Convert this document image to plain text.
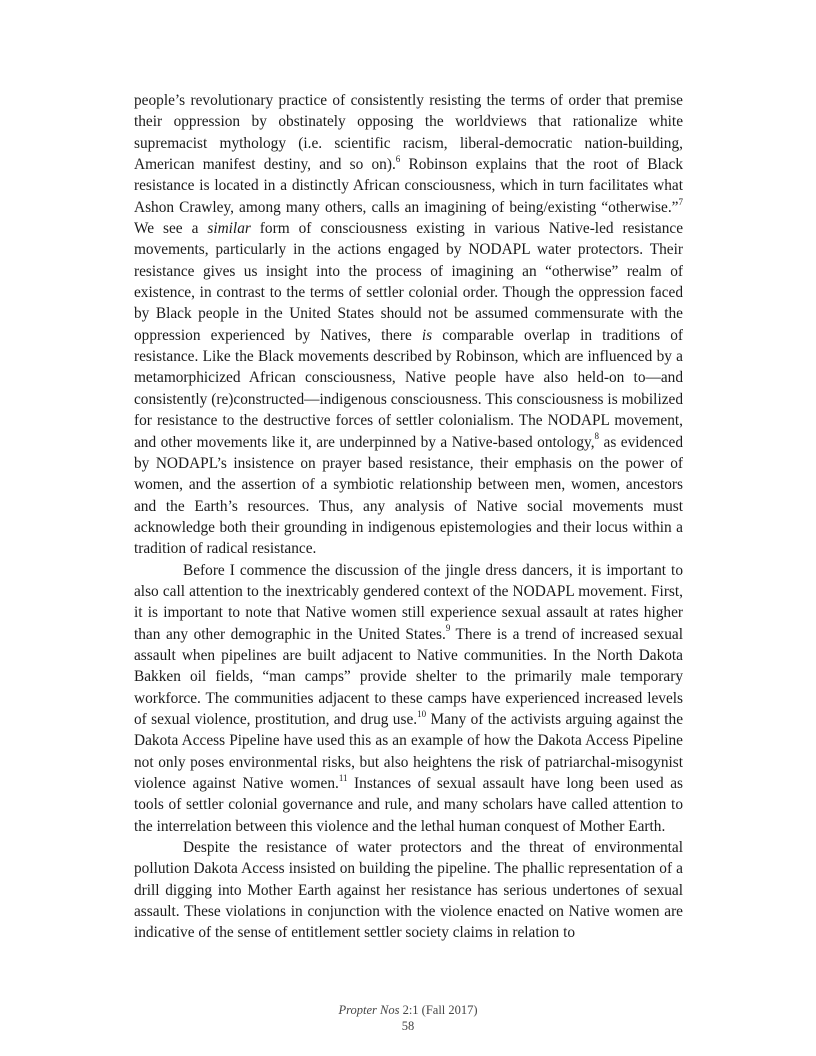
people’s revolutionary practice of consistently resisting the terms of order that premise their oppression by obstinately opposing the worldviews that rationalize white supremacist mythology (i.e. scientific racism, liberal-democratic nation-building, American manifest destiny, and so on).$^6$ Robinson explains that the root of Black resistance is located in a distinctly African consciousness, which in turn facilitates what Ashon Crawley, among many others, calls an imagining of being/existing “otherwise.”$^7$ We see a similar form of consciousness existing in various Native-led resistance movements, particularly in the actions engaged by NODAPL water protectors. Their resistance gives us insight into the process of imagining an “otherwise” realm of existence, in contrast to the terms of settler colonial order. Though the oppression faced by Black people in the United States should not be assumed commensurate with the oppression experienced by Natives, there is comparable overlap in traditions of resistance. Like the Black movements described by Robinson, which are influenced by a metamorphicized African consciousness, Native people have also held-on to—and consistently (re)constructed—indigenous consciousness. This consciousness is mobilized for resistance to the destructive forces of settler colonialism. The NODAPL movement, and other movements like it, are underpinned by a Native-based ontology,$^8$ as evidenced by NODAPL’s insistence on prayer based resistance, their emphasis on the power of women, and the assertion of a symbiotic relationship between men, women, ancestors and the Earth’s resources. Thus, any analysis of Native social movements must acknowledge both their grounding in indigenous epistemologies and their locus within a tradition of radical resistance.

Before I commence the discussion of the jingle dress dancers, it is important to also call attention to the inextricably gendered context of the NODAPL movement. First, it is important to note that Native women still experience sexual assault at rates higher than any other demographic in the United States.$^9$ There is a trend of increased sexual assault when pipelines are built adjacent to Native communities. In the North Dakota Bakken oil fields, “man camps” provide shelter to the primarily male temporary workforce. The communities adjacent to these camps have experienced increased levels of sexual violence, prostitution, and drug use.$^{10}$ Many of the activists arguing against the Dakota Access Pipeline have used this as an example of how the Dakota Access Pipeline not only poses environmental risks, but also heightens the risk of patriarchal-misogynist violence against Native women.$^{11}$ Instances of sexual assault have long been used as tools of settler colonial governance and rule, and many scholars have called attention to the interrelation between this violence and the lethal human conquest of Mother Earth.

Despite the resistance of water protectors and the threat of environmental pollution Dakota Access insisted on building the pipeline. The phallic representation of a drill digging into Mother Earth against her resistance has serious undertones of sexual assault. These violations in conjunction with the violence enacted on Native women are indicative of the sense of entitlement settler society claims in relation to

Propter Nos 2:1 (Fall 2017)
58
